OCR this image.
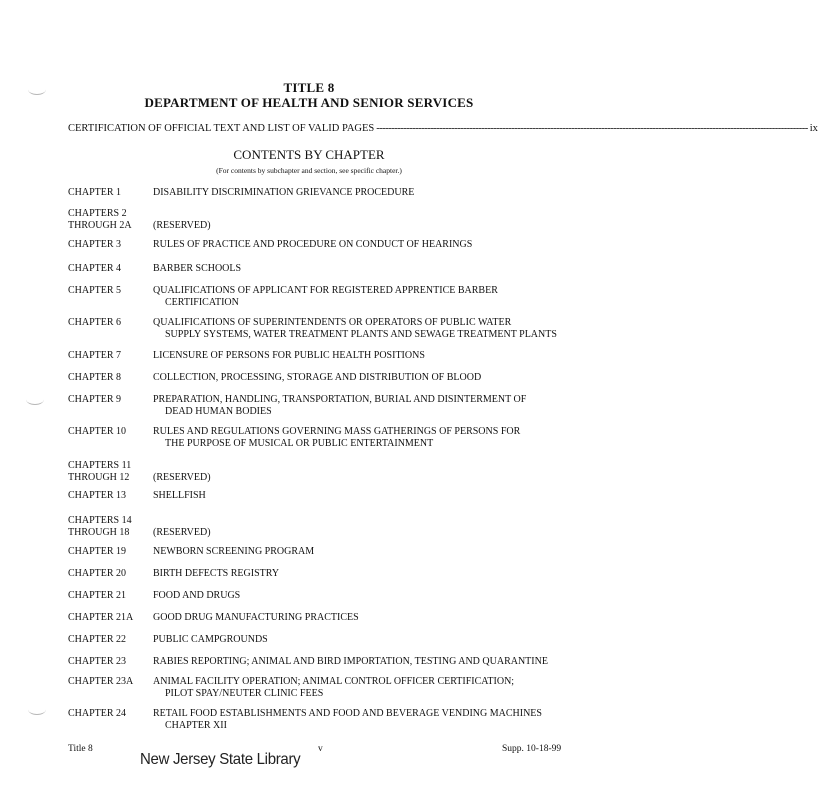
TITLE 8
DEPARTMENT OF HEALTH AND SENIOR SERVICES
CERTIFICATION OF OFFICIAL TEXT AND LIST OF VALID PAGES ------------------------------------------------------------------------------------------------------------------------------------------------ ix
CONTENTS BY CHAPTER
(For contents by subchapter and section, see specific chapter.)
CHAPTER 1	DISABILITY DISCRIMINATION GRIEVANCE PROCEDURE
CHAPTERS 2
THROUGH 2A	(RESERVED)
CHAPTER 3	RULES OF PRACTICE AND PROCEDURE ON CONDUCT OF HEARINGS
CHAPTER 4	BARBER SCHOOLS
CHAPTER 5	QUALIFICATIONS OF APPLICANT FOR REGISTERED APPRENTICE BARBER
CERTIFICATION
CHAPTER 6	QUALIFICATIONS OF SUPERINTENDENTS OR OPERATORS OF PUBLIC WATER
SUPPLY SYSTEMS, WATER TREATMENT PLANTS AND SEWAGE TREATMENT PLANTS
CHAPTER 7	LICENSURE OF PERSONS FOR PUBLIC HEALTH POSITIONS
CHAPTER 8	COLLECTION, PROCESSING, STORAGE AND DISTRIBUTION OF BLOOD
CHAPTER 9	PREPARATION, HANDLING, TRANSPORTATION, BURIAL AND DISINTERMENT OF
DEAD HUMAN BODIES
CHAPTER 10	RULES AND REGULATIONS GOVERNING MASS GATHERINGS OF PERSONS FOR
THE PURPOSE OF MUSICAL OR PUBLIC ENTERTAINMENT
CHAPTERS 11
THROUGH 12	(RESERVED)
CHAPTER 13	SHELLFISH
CHAPTERS 14
THROUGH 18	(RESERVED)
CHAPTER 19	NEWBORN SCREENING PROGRAM
CHAPTER 20	BIRTH DEFECTS REGISTRY
CHAPTER 21	FOOD AND DRUGS
CHAPTER 21A	GOOD DRUG MANUFACTURING PRACTICES
CHAPTER 22	PUBLIC CAMPGROUNDS
CHAPTER 23	RABIES REPORTING; ANIMAL AND BIRD IMPORTATION, TESTING AND QUARANTINE
CHAPTER 23A	ANIMAL FACILITY OPERATION; ANIMAL CONTROL OFFICER CERTIFICATION;
PILOT SPAY/NEUTER CLINIC FEES
CHAPTER 24	RETAIL FOOD ESTABLISHMENTS AND FOOD AND BEVERAGE VENDING MACHINES
CHAPTER XII
Title 8	v	Supp. 10-18-99
New Jersey State Library
